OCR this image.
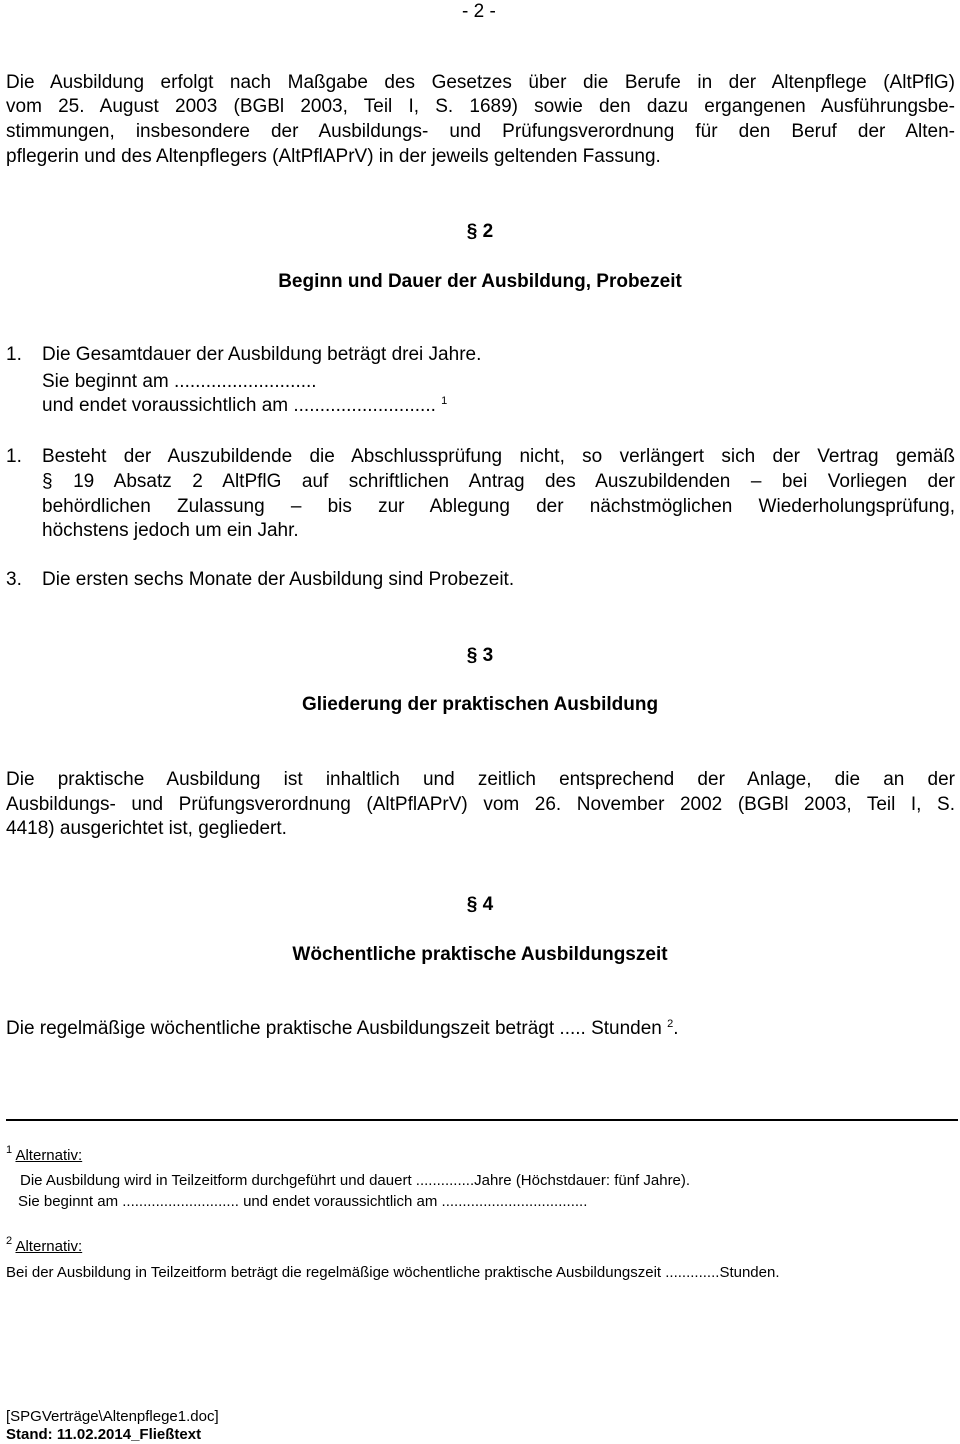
- 2 -
Die Ausbildung erfolgt nach Maßgabe des Gesetzes über die Berufe in der Altenpflege (AltPflG)
vom 25. August 2003 (BGBl 2003, Teil I, S. 1689) sowie den dazu ergangenen Ausführungsbe-
stimmungen, insbesondere der Ausbildungs- und Prüfungsverordnung für den Beruf der Alten-
pflegerin und des Altenpflegers (AltPflAPrV) in der jeweils geltenden Fassung.
§ 2
Beginn und Dauer der Ausbildung, Probezeit
1. Die Gesamtdauer der Ausbildung beträgt drei Jahre.
Sie beginnt am ...........................
und endet voraussichtlich am ........................... $^1$
1. Besteht der Auszubildende die Abschlussprüfung nicht, so verlängert sich der Vertrag gemäß
§ 19 Absatz 2 AltPflG auf schriftlichen Antrag des Auszubildenden – bei Vorliegen der
behördlichen Zulassung – bis zur Ablegung der nächstmöglichen Wiederholungsprüfung,
höchstens jedoch um ein Jahr.
3. Die ersten sechs Monate der Ausbildung sind Probezeit.
§ 3
Gliederung der praktischen Ausbildung
Die praktische Ausbildung ist inhaltlich und zeitlich entsprechend der Anlage, die an der
Ausbildungs- und Prüfungsverordnung (AltPflAPrV) vom 26. November 2002 (BGBl 2003, Teil I, S.
4418) ausgerichtet ist, gegliedert.
§ 4
Wöchentliche praktische Ausbildungszeit
Die regelmäßige wöchentliche praktische Ausbildungszeit beträgt ..... Stunden $^2$.
$^1$ Alternativ:
Die Ausbildung wird in Teilzeitform durchgeführt und dauert ..............Jahre (Höchstdauer: fünf Jahre).
Sie beginnt am ............................ und endet voraussichtlich am ...................................
$^2$ Alternativ:
Bei der Ausbildung in Teilzeitform beträgt die regelmäßige wöchentliche praktische Ausbildungszeit .............Stunden.
[SPGVerträge\Altenpflege1.doc]
Stand: 11.02.2014_Fließtext
